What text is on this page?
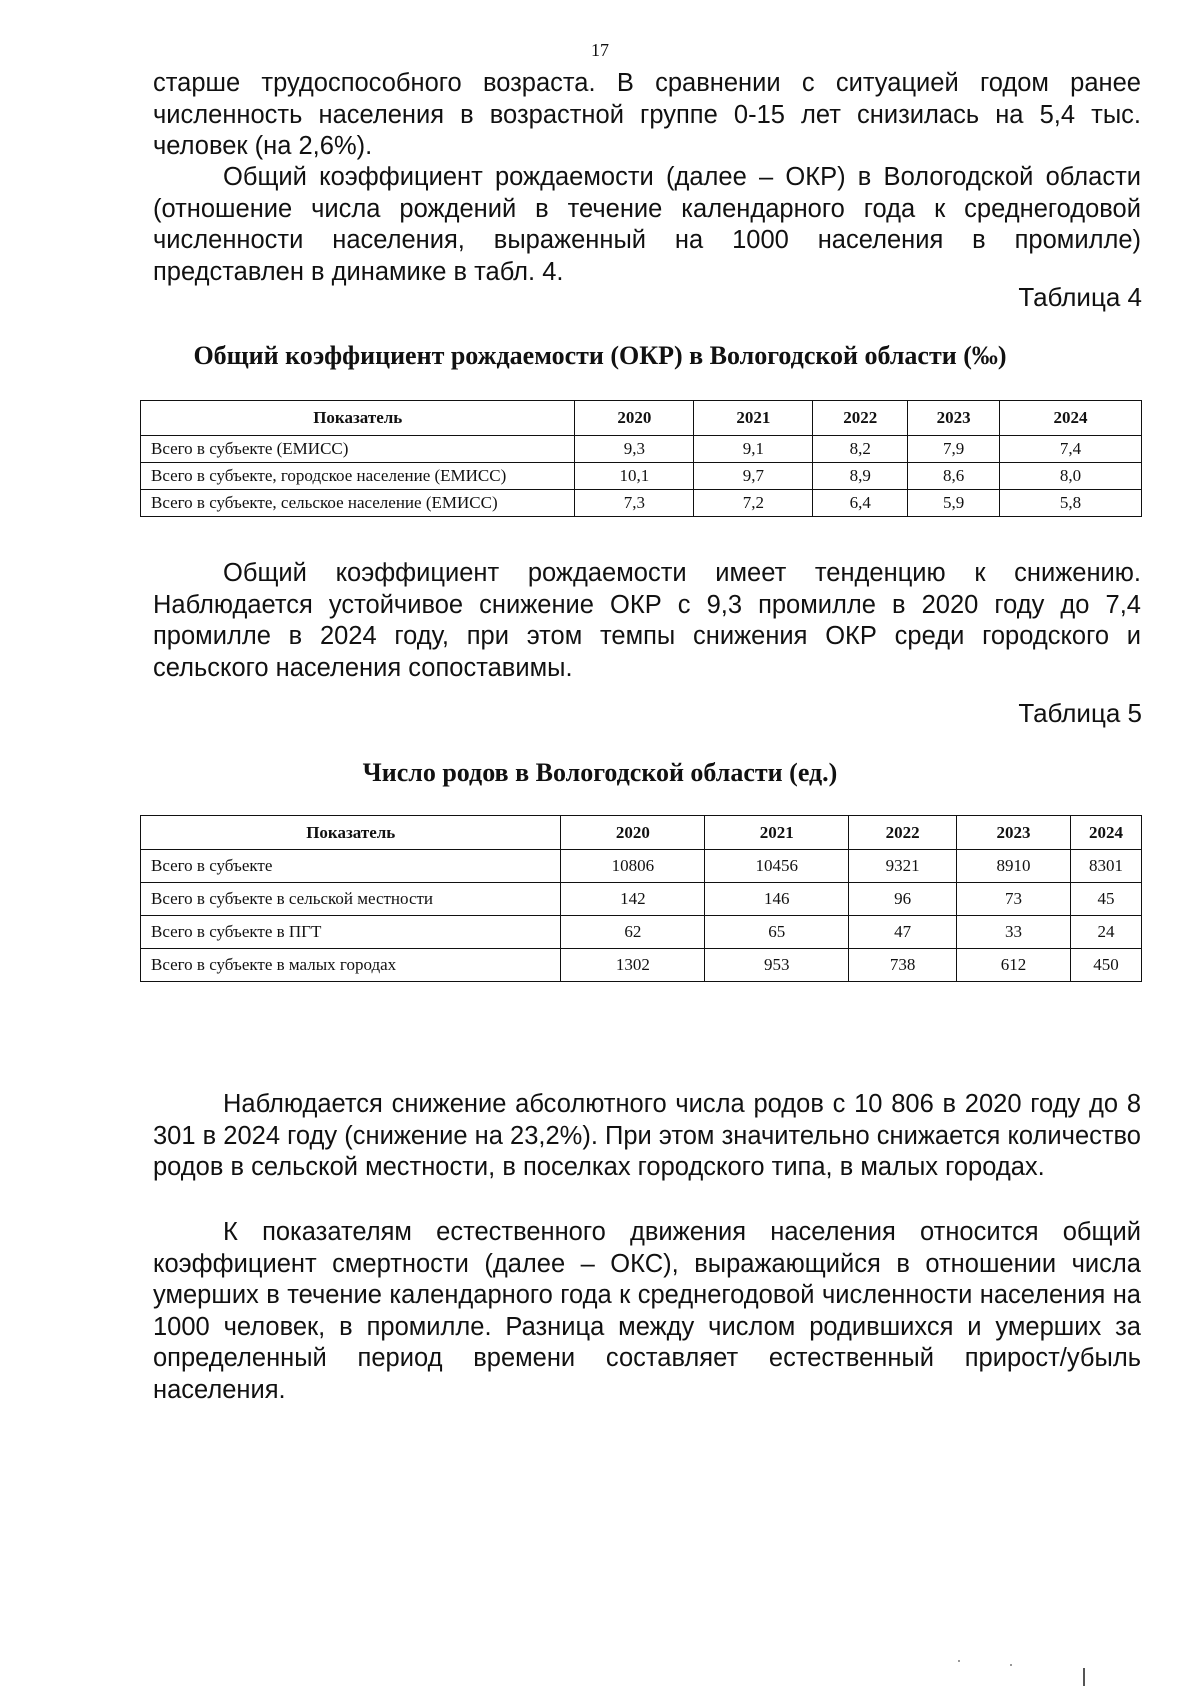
17

старше трудоспособного возраста. В сравнении с ситуацией годом ранее численность населения в возрастной группе 0-15 лет снизилась на 5,4 тыс. человек (на 2,6%).

Общий коэффициент рождаемости (далее – ОКР) в Вологодской области (отношение числа рождений в течение календарного года к среднегодовой численности населения, выраженный на 1000 населения в промилле) представлен в динамике в табл. 4.

Таблица 4
Общий коэффициент рождаемости (ОКР) в Вологодской области (‰)
Показатель	2020	2021	2022	2023	2024
Всего в субъекте (ЕМИСС)	9,3	9,1	8,2	7,9	7,4
Всего в субъекте, городское население (ЕМИСС)	10,1	9,7	8,9	8,6	8,0
Всего в субъекте, сельское население (ЕМИСС)	7,3	7,2	6,4	5,9	5,8

Общий коэффициент рождаемости имеет тенденцию к снижению. Наблюдается устойчивое снижение ОКР с 9,3 промилле в 2020 году до 7,4 промилле в 2024 году, при этом темпы снижения ОКР среди городского и сельского населения сопоставимы.

Таблица 5
Число родов в Вологодской области (ед.)
Показатель	2020	2021	2022	2023	2024
Всего в субъекте	10806	10456	9321	8910	8301
Всего в субъекте в сельской местности	142	146	96	73	45
Всего в субъекте в ПГТ	62	65	47	33	24
Всего в субъекте в малых городах	1302	953	738	612	450

Наблюдается снижение абсолютного числа родов с 10 806 в 2020 году до 8 301 в 2024 году (снижение на 23,2%). При этом значительно снижается количество родов в сельской местности, в поселках городского типа, в малых городах.

К показателям естественного движения населения относится общий коэффициент смертности (далее – ОКС), выражающийся в отношении числа умерших в течение календарного года к среднегодовой численности населения на 1000 человек, в промилле. Разница между числом родившихся и умерших за определенный период времени составляет естественный прирост/убыль населения.
